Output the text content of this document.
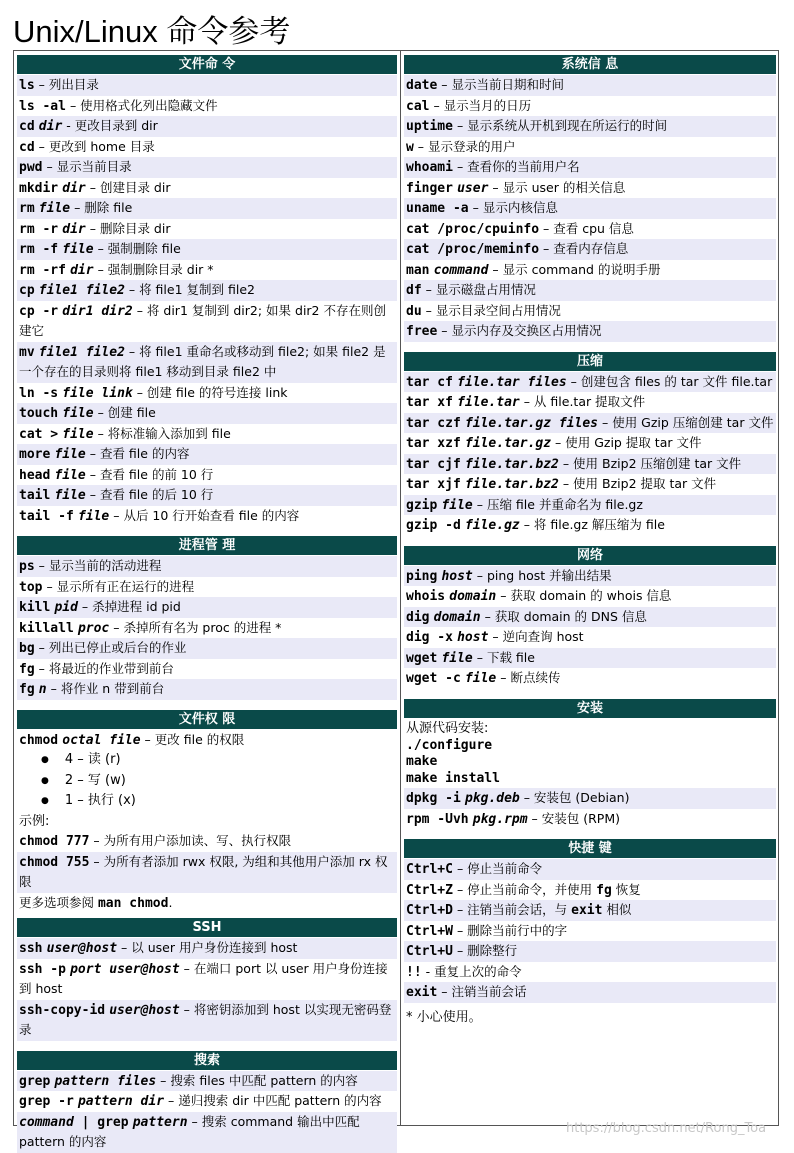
Unix/Linux 命令参考
文件命 令
ls – 列出目录
ls -al – 使用格式化列出隐藏文件
cd dir - 更改目录到 dir
cd – 更改到 home 目录
pwd – 显示当前目录
mkdir dir – 创建目录 dir
rm file – 删除 file
rm -r dir – 删除目录 dir
rm -f file – 强制删除 file
rm -rf dir – 强制删除目录 dir *
cp file1 file2 – 将 file1 复制到 file2
cp -r dir1 dir2 – 将 dir1 复制到 dir2; 如果 dir2 不存在则创建它
mv file1 file2 – 将 file1 重命名或移动到 file2; 如果 file2 是一个存在的目录则将 file1 移动到目录 file2 中
ln -s file link – 创建 file 的符号连接 link
touch file – 创建 file
cat > file – 将标准输入添加到 file
more file – 查看 file 的内容
head file – 查看 file 的前 10 行
tail file – 查看 file 的后 10 行
tail -f file – 从后 10 行开始查看 file 的内容
进程管 理
ps – 显示当前的活动进程
top – 显示所有正在运行的进程
kill pid – 杀掉进程 id pid
killall proc – 杀掉所有名为 proc 的进程 *
bg – 列出已停止或后台的作业
fg – 将最近的作业带到前台
fg n – 将作业 n 带到前台
文件权 限
chmod octal file – 更改 file 的权限
● 4 – 读 (r)
● 2 – 写 (w)
● 1 – 执行 (x)
示例:
chmod 777 – 为所有用户添加读、写、执行权限
chmod 755 – 为所有者添加 rwx 权限, 为组和其他用户添加 rx 权限
更多选项参阅 man chmod.
SSH
ssh user@host – 以 user 用户身份连接到 host
ssh -p port user@host – 在端口 port 以 user 用户身份连接到 host
ssh-copy-id user@host – 将密钥添加到 host 以实现无密码登录
搜索
grep pattern files – 搜索 files 中匹配 pattern 的内容
grep -r pattern dir – 递归搜索 dir 中匹配 pattern 的内容
command | grep pattern – 搜索 command 输出中匹配 pattern 的内容
系统信 息
date – 显示当前日期和时间
cal – 显示当月的日历
uptime – 显示系统从开机到现在所运行的时间
w – 显示登录的用户
whoami – 查看你的当前用户名
finger user – 显示 user 的相关信息
uname -a – 显示内核信息
cat /proc/cpuinfo – 查看 cpu 信息
cat /proc/meminfo – 查看内存信息
man command – 显示 command 的说明手册
df – 显示磁盘占用情况
du – 显示目录空间占用情况
free – 显示内存及交换区占用情况
压缩
tar cf file.tar files – 创建包含 files 的 tar 文件 file.tar
tar xf file.tar – 从 file.tar 提取文件
tar czf file.tar.gz files – 使用 Gzip 压缩创建 tar 文件
tar xzf file.tar.gz – 使用 Gzip 提取 tar 文件
tar cjf file.tar.bz2 – 使用 Bzip2 压缩创建 tar 文件
tar xjf file.tar.bz2 – 使用 Bzip2 提取 tar 文件
gzip file – 压缩 file 并重命名为 file.gz
gzip -d file.gz – 将 file.gz 解压缩为 file
网络
ping host – ping host 并输出结果
whois domain – 获取 domain 的 whois 信息
dig domain – 获取 domain 的 DNS 信息
dig -x host – 逆向查询 host
wget file – 下载 file
wget -c file – 断点续传
安装
从源代码安装:
./configure
make
make install
dpkg -i pkg.deb – 安装包 (Debian)
rpm -Uvh pkg.rpm – 安装包 (RPM)
快捷 键
Ctrl+C – 停止当前命令
Ctrl+Z – 停止当前命令，并使用 fg 恢复
Ctrl+D – 注销当前会话，与 exit 相似
Ctrl+W – 删除当前行中的字
Ctrl+U – 删除整行
!! - 重复上次的命令
exit – 注销当前会话
* 小心使用。
https://blog.csdn.net/Rong_Toa
